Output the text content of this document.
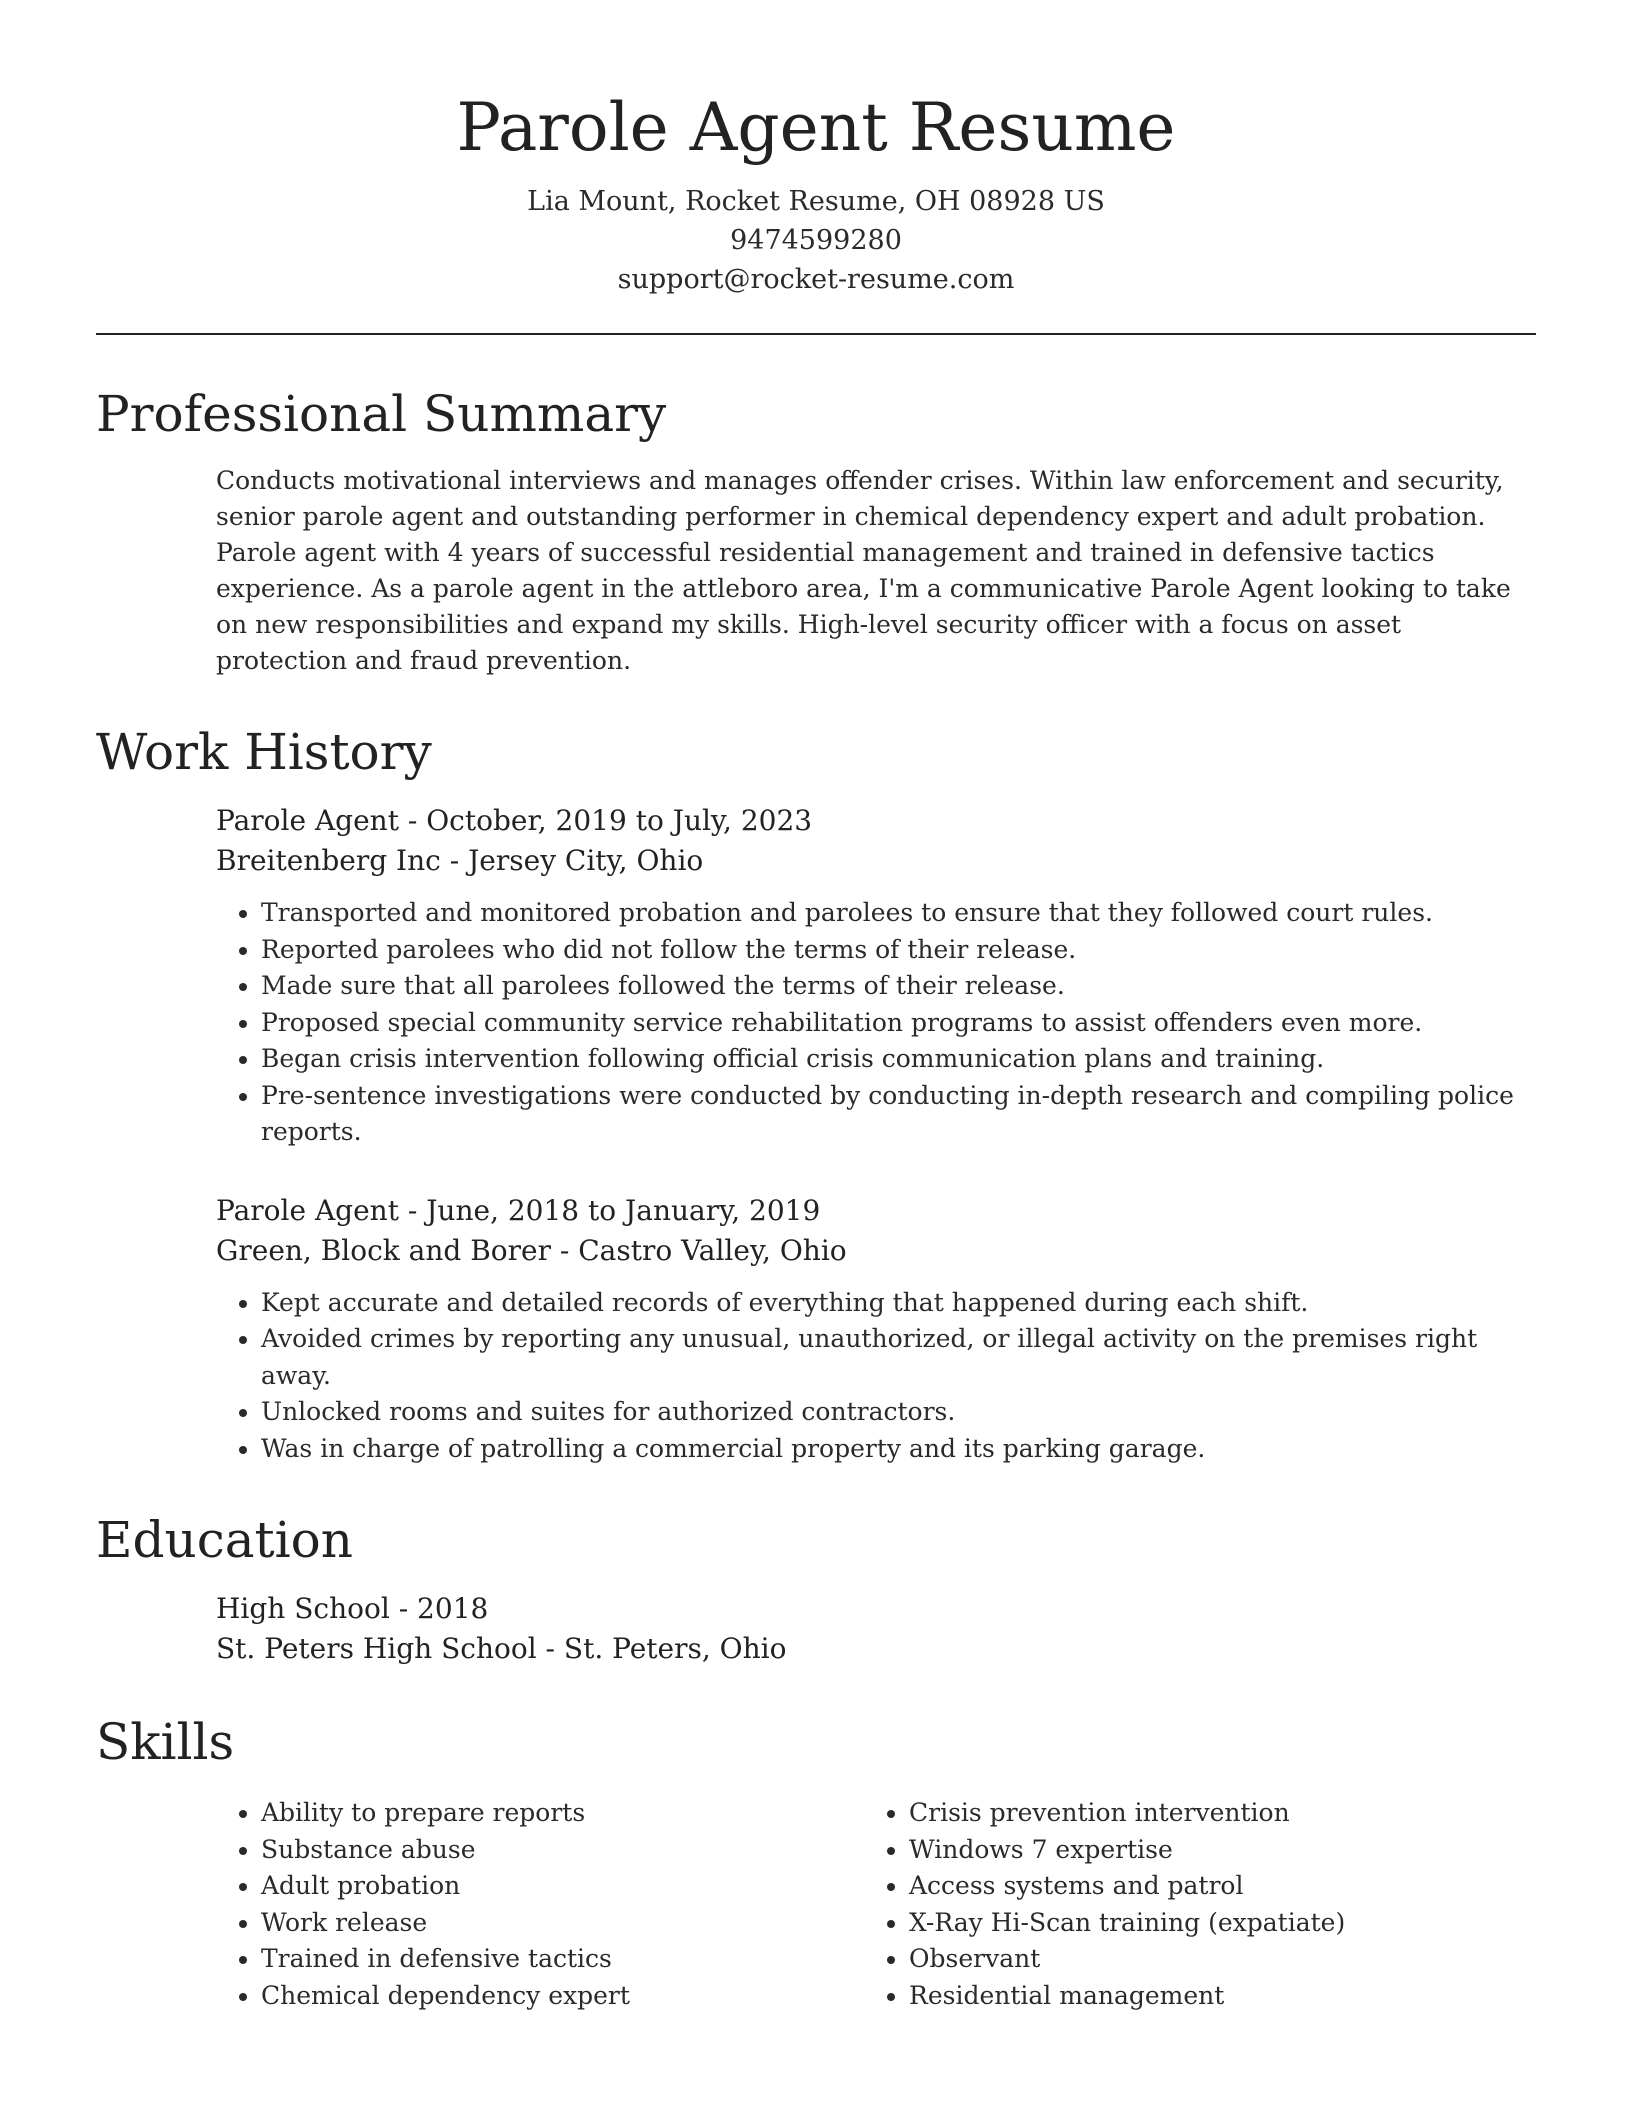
Parole Agent Resume
Lia Mount, Rocket Resume, OH 08928 US
9474599280
support@rocket-resume.com
Professional Summary

Conducts motivational interviews and manages offender crises. Within law enforcement and security, senior parole agent and outstanding performer in chemical dependency expert and adult probation. Parole agent with 4 years of successful residential management and trained in defensive tactics experience. As a parole agent in the attleboro area, I'm a communicative Parole Agent looking to take on new responsibilities and expand my skills. High-level security officer with a focus on asset protection and fraud prevention.

Work History
Parole Agent - October, 2019 to July, 2023
Breitenberg Inc - Jersey City, Ohio
• Transported and monitored probation and parolees to ensure that they followed court rules.
• Reported parolees who did not follow the terms of their release.
• Made sure that all parolees followed the terms of their release.
• Proposed special community service rehabilitation programs to assist offenders even more.
• Began crisis intervention following official crisis communication plans and training.
• Pre-sentence investigations were conducted by conducting in-depth research and compiling police reports.
Parole Agent - June, 2018 to January, 2019
Green, Block and Borer - Castro Valley, Ohio
• Kept accurate and detailed records of everything that happened during each shift.
• Avoided crimes by reporting any unusual, unauthorized, or illegal activity on the premises right away.
• Unlocked rooms and suites for authorized contractors.
• Was in charge of patrolling a commercial property and its parking garage.
Education
High School - 2018
St. Peters High School - St. Peters, Ohio
Skills
• Ability to prepare reports
• Substance abuse
• Adult probation
• Work release
• Trained in defensive tactics
• Chemical dependency expert
• Crisis prevention intervention
• Windows 7 expertise
• Access systems and patrol
• X-Ray Hi-Scan training (expatiate)
• Observant
• Residential management
